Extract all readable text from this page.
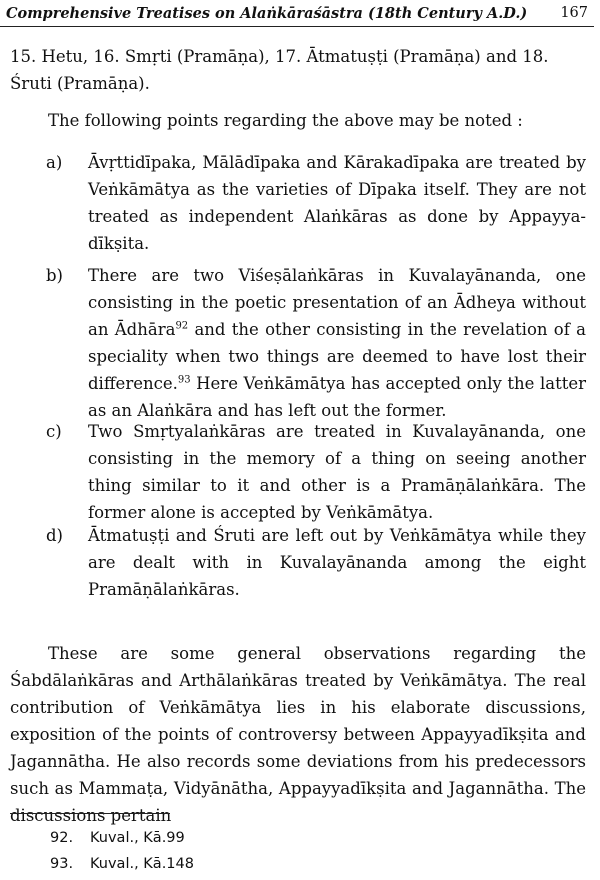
Comprehensive Treatises on Alaṅkāraśāstra (18th Century A.D.) 167
15. Hetu, 16. Smṛti (Pramāṇa), 17. Ātmatuṣṭi (Pramāṇa) and 18. Śruti (Pramāṇa).
The following points regarding the above may be noted :
a)	Āvṛttidīpaka, Mālādīpaka and Kārakadīpaka are treated by Veṅkāmātya as the varieties of Dīpaka itself. They are not treated as independent Alaṅkāras as done by Appayya-dīkṣita.
b)	There are two Viśeṣālaṅkāras in Kuvalayānanda, one consisting in the poetic presentation of an Ādheya without an Ādhāra$^{92}$ and the other consisting in the revelation of a speciality when two things are deemed to have lost their difference.$^{93}$ Here Veṅkāmātya has accepted only the latter as an Alaṅkāra and has left out the former.
c)	Two Smṛtyalaṅkāras are treated in Kuvalayānanda, one consisting in the memory of a thing on seeing another thing similar to it and other is a Pramāṇālaṅkāra. The former alone is accepted by Veṅkāmātya.
d)	Ātmatuṣṭi and Śruti are left out by Veṅkāmātya while they are dealt with in Kuvalayānanda among the eight Pramāṇālaṅkāras.
These are some general observations regarding the Śabdālaṅkāras and Arthālaṅkāras treated by Veṅkāmātya. The real contribution of Veṅkāmātya lies in his elaborate discussions, exposition of the points of controversy between Appayyadīkṣita and Jagannātha. He also records some deviations from his predecessors such as Mammaṭa, Vidyānātha, Appayyadīkṣita and Jagannātha. The discussions pertain
92. Kuval., Kā.99
93. Kuval., Kā.148
